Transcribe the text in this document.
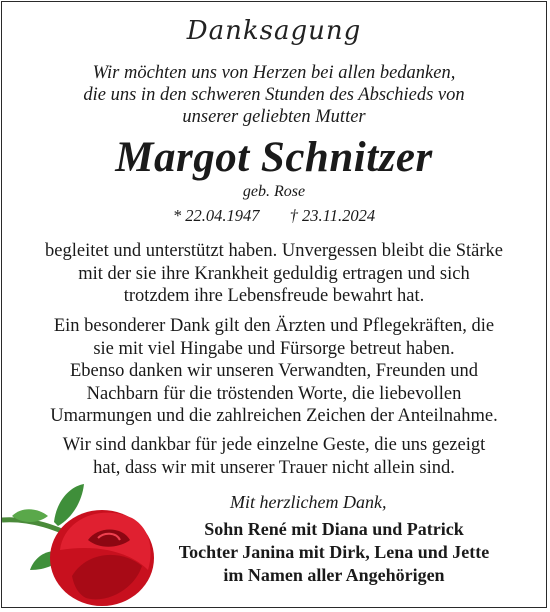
Danksagung
Wir möchten uns von Herzen bei allen bedanken,
die uns in den schweren Stunden des Abschieds von
unserer geliebten Mutter
Margot Schnitzer
geb. Rose
* 22.04.1947 † 23.11.2024
begleitet und unterstützt haben. Unvergessen bleibt die Stärke
mit der sie ihre Krankheit geduldig ertragen und sich
trotzdem ihre Lebensfreude bewahrt hat.
Ein besonderer Dank gilt den Ärzten und Pflegekräften, die
sie mit viel Hingabe und Fürsorge betreut haben.
Ebenso danken wir unseren Verwandten, Freunden und
Nachbarn für die tröstenden Worte, die liebevollen
Umarmungen und die zahlreichen Zeichen der Anteilnahme.
Wir sind dankbar für jede einzelne Geste, die uns gezeigt
hat, dass wir mit unserer Trauer nicht allein sind.
Mit herzlichem Dank,
Sohn René mit Diana und Patrick
Tochter Janina mit Dirk, Lena und Jette
im Namen aller Angehörigen
